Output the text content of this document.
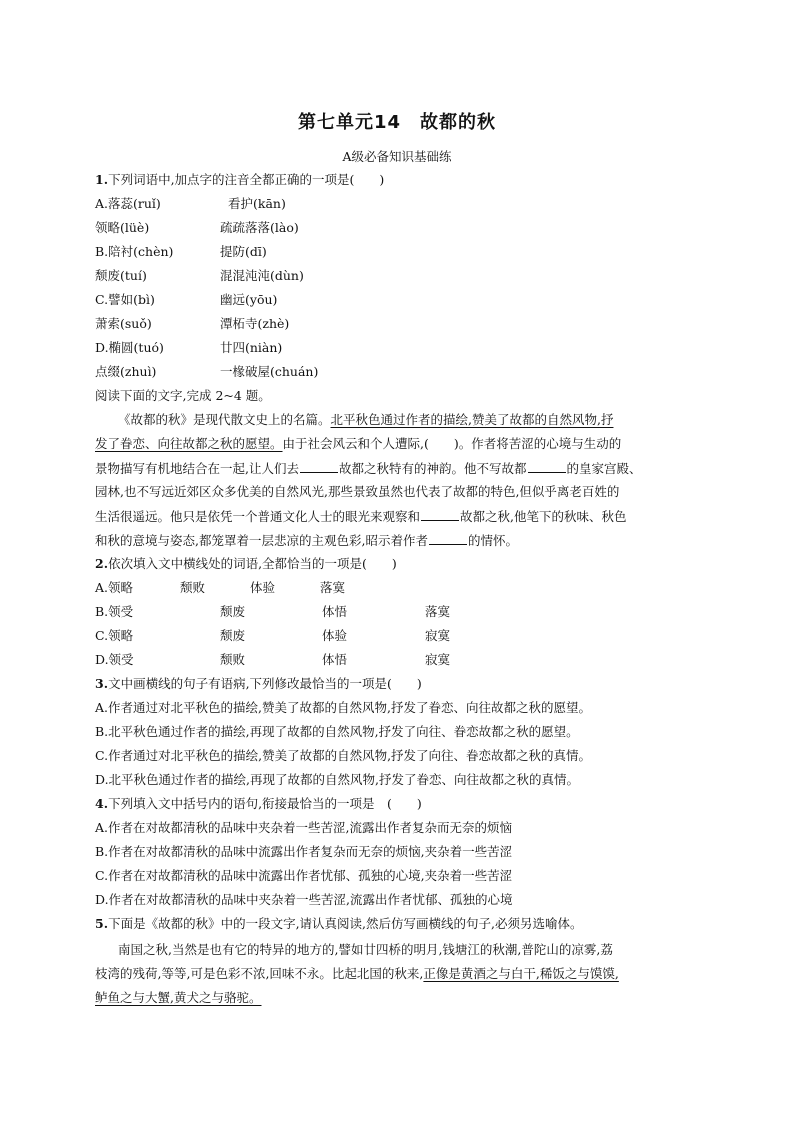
第七单元14　故都的秋
A级必备知识基础练
1.下列词语中,加点字的注音全都正确的一项是(　　)
A.落蕊(ruǐ)	看护(kān)
领略(lüè)	疏疏落落(lào)
B.陪衬(chèn)	提防(dī)
颓废(tuí)	混混沌沌(dùn)
C.譬如(bì)	幽远(yōu)
萧索(suǒ)	潭柘寺(zhè)
D.椭圆(tuó)	廿四(niàn)
点缀(zhuì)	一椽破屋(chuán)
阅读下面的文字,完成 2~4 题。
《故都的秋》是现代散文史上的名篇。北平秋色通过作者的描绘,赞美了故都的自然风物,抒
发了眷恋、向往故都之秋的愿望。由于社会风云和个人遭际,(　　)。作者将苦涩的心境与生动的
景物描写有机地结合在一起,让人们去	故都之秋特有的神韵。他不写故都	的皇家宫殿、
园林,也不写远近郊区众多优美的自然风光,那些景致虽然也代表了故都的特色,但似乎离老百姓的
生活很遥远。他只是依凭一个普通文化人士的眼光来观察和	故都之秋,他笔下的秋味、秋色
和秋的意境与姿态,都笼罩着一层悲凉的主观色彩,昭示着作者	的情怀。
2.依次填入文中横线处的词语,全都恰当的一项是(　　)
A.领略	颓败	体验	落寞
B.领受	颓废	体悟	落寞
C.领略	颓废	体验	寂寞
D.领受	颓败	体悟	寂寞
3.文中画横线的句子有语病,下列修改最恰当的一项是(　　)
A.作者通过对北平秋色的描绘,赞美了故都的自然风物,抒发了眷恋、向往故都之秋的愿望。
B.北平秋色通过作者的描绘,再现了故都的自然风物,抒发了向往、眷恋故都之秋的愿望。
C.作者通过对北平秋色的描绘,赞美了故都的自然风物,抒发了向往、眷恋故都之秋的真情。
D.北平秋色通过作者的描绘,再现了故都的自然风物,抒发了眷恋、向往故都之秋的真情。
4.下列填入文中括号内的语句,衔接最恰当的一项是　(　　)
A.作者在对故都清秋的品味中夹杂着一些苦涩,流露出作者复杂而无奈的烦恼
B.作者在对故都清秋的品味中流露出作者复杂而无奈的烦恼,夹杂着一些苦涩
C.作者在对故都清秋的品味中流露出作者忧郁、孤独的心境,夹杂着一些苦涩
D.作者在对故都清秋的品味中夹杂着一些苦涩,流露出作者忧郁、孤独的心境
5.下面是《故都的秋》中的一段文字,请认真阅读,然后仿写画横线的句子,必须另选喻体。
南国之秋,当然是也有它的特异的地方的,譬如廿四桥的明月,钱塘江的秋潮,普陀山的凉雾,荔
枝湾的残荷,等等,可是色彩不浓,回味不永。比起北国的秋来,正像是黄酒之与白干,稀饭之与馍馍,
鲈鱼之与大蟹,黄犬之与骆驼。
